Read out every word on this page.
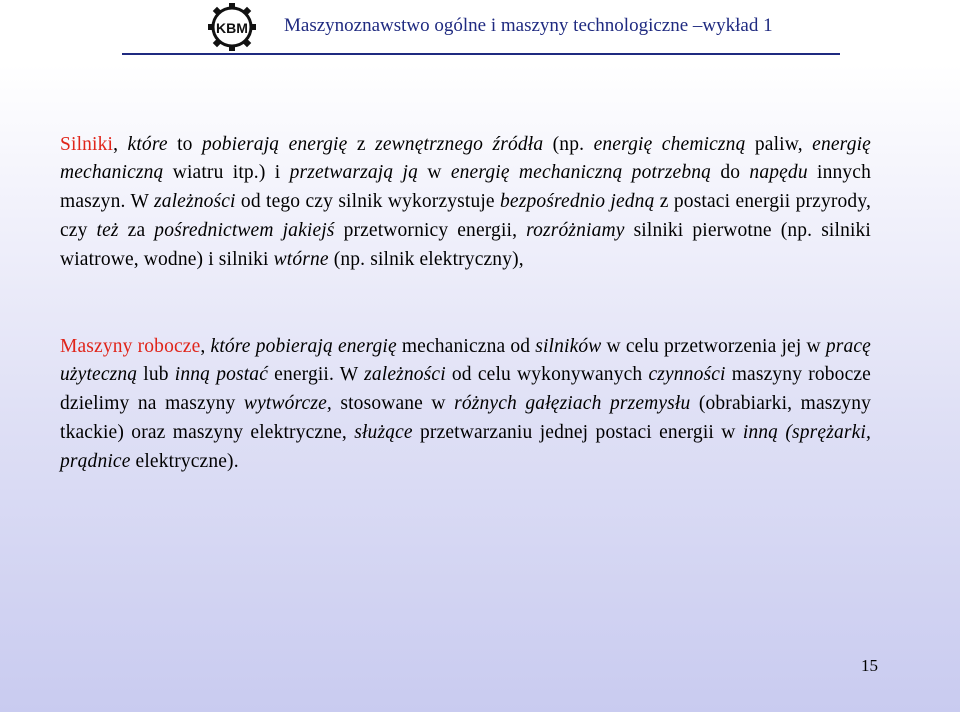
KBM Maszynoznawstwo ogólne i maszyny technologiczne –wykład 1

Silniki, które to pobierają energię z zewnętrznego źródła (np. energię chemiczną paliw, energię mechaniczną wiatru itp.) i przetwarzają ją w energię mechaniczną potrzebną do napędu innych maszyn. W zależności od tego czy silnik wykorzystuje bezpośrednio jedną z postaci energii przyrody, czy też za pośrednictwem jakiejś przetwornicy energii, rozróżniamy silniki pierwotne (np. silniki wiatrowe, wodne) i silniki wtórne (np. silnik elektryczny),

Maszyny robocze, które pobierają energię mechaniczna od silników w celu przetworzenia jej w pracę użyteczną lub inną postać energii. W zależności od celu wykonywanych czynności maszyny robocze dzielimy na maszyny wytwórcze, stosowane w różnych gałęziach przemysłu (obrabiarki, maszyny tkackie) oraz maszyny elektryczne, służące przetwarzaniu jednej postaci energii w inną (sprężarki, prądnice elektryczne).

15
